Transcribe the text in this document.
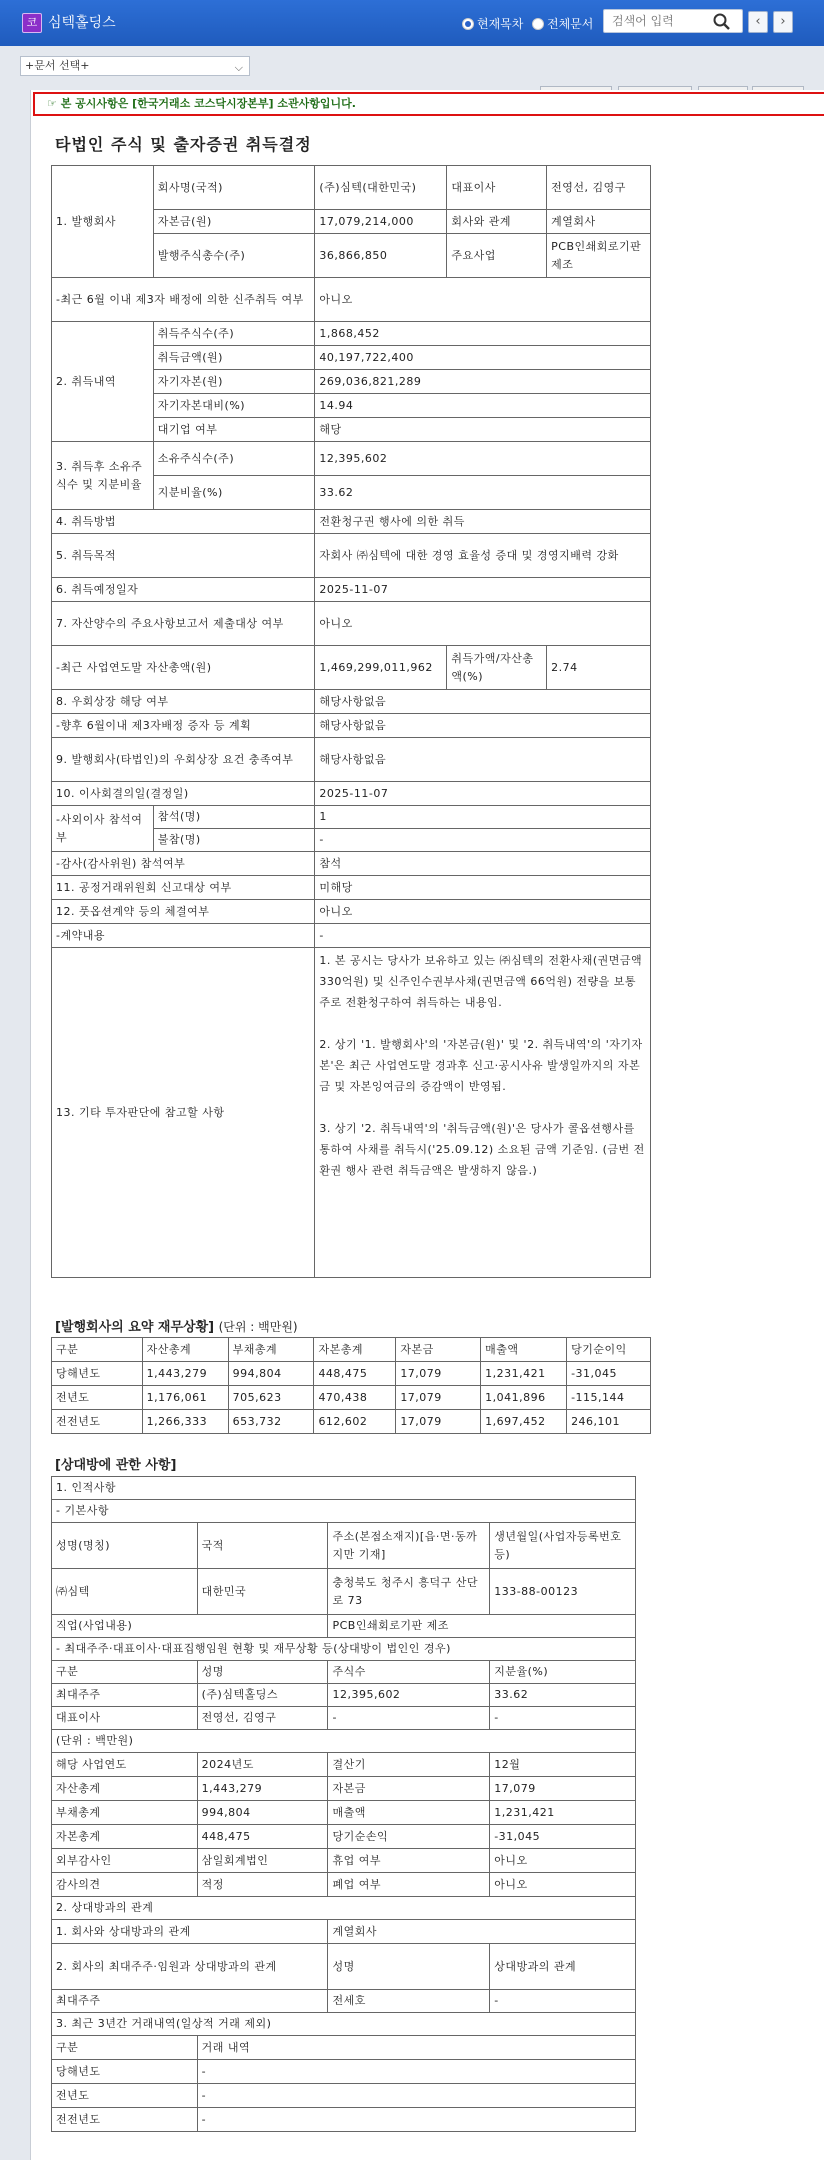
코 심텍홀딩스	현재목차 전체문서
검색어 입력	‹	›
+문서 선택+	⌵
☞ 본 공시사항은 [한국거래소 코스닥시장본부] 소관사항입니다.
타법인 주식 및 출자증권 취득결정
1. 발행회사	회사명(국적)	(주)심텍(대한민국)	대표이사	전영선, 김영구
	자본금(원)	17,079,214,000	회사와 관계	계열회사
	발행주식총수(주)	36,866,850	주요사업	PCB인쇄회로기판 제조
-최근 6월 이내 제3자 배정에 의한 신주취득 여부		아니오		
2. 취득내역	취득주식수(주)	1,868,452		
	취득금액(원)	40,197,722,400		
	자기자본(원)	269,036,821,289		
	자기자본대비(%)	14.94		
	대기업 여부	해당		
3. 취득후 소유주식수 및 지분비율	소유주식수(주)	12,395,602		
	지분비율(%)	33.62		
4. 취득방법		전환청구권 행사에 의한 취득		
5. 취득목적		자회사 ㈜심텍에 대한 경영 효율성 증대 및 경영지배력 강화		
6. 취득예정일자		2025-11-07		
7. 자산양수의 주요사항보고서 제출대상 여부		아니오		
-최근 사업연도말 자산총액(원)		1,469,299,011,962	취득가액/자산총액(%)	2.74
8. 우회상장 해당 여부		해당사항없음		
-향후 6월이내 제3자배정 증자 등 계획		해당사항없음		
9. 발행회사(타법인)의 우회상장 요건 충족여부		해당사항없음		
10. 이사회결의일(결정일)		2025-11-07		
-사외이사 참석여부	참석(명)	1		
	불참(명)	-		
-감사(감사위원) 참석여부		참석		
11. 공정거래위원회 신고대상 여부		미해당		
12. 풋옵션계약 등의 체결여부		아니오		
-계약내용		-		
13. 기타 투자판단에 참고할 사항		1. 본 공시는 당사가 보유하고 있는 ㈜심텍의 전환사채(권면금액 330억원) 및 신주인수권부사채(권면금액 66억원) 전량을 보통주로 전환청구하여 취득하는 내용임.

2. 상기 '1. 발행회사'의 '자본금(원)' 및 '2. 취득내역'의 '자기자본'은 최근 사업연도말 경과후 신고·공시사유 발생일까지의 자본금 및 자본잉여금의 증감액이 반영됨.

3. 상기 '2. 취득내역'의 '취득금액(원)'은 당사가 콜옵션행사를 통하여 사채를 취득시('25.09.12) 소요된 금액 기준임. (금번 전환권 행사 관련 취득금액은 발생하지 않음.)		
[발행회사의 요약 재무상황] (단위 : 백만원)
구분	자산총계	부채총계	자본총계	자본금	매출액	당기순이익
당해년도	1,443,279	994,804	448,475	17,079	1,231,421	-31,045
전년도	1,176,061	705,623	470,438	17,079	1,041,896	-115,144
전전년도	1,266,333	653,732	612,602	17,079	1,697,452	246,101
[상대방에 관한 사항]
1. 인적사항			
- 기본사항			
성명(명칭)	국적	주소(본점소재지)[읍·면·동까지만 기재]	생년월일(사업자등록번호 등)
㈜심텍	대한민국	충청북도 청주시 흥덕구 산단로 73	133-88-00123
직업(사업내용)		PCB인쇄회로기판 제조	
- 최대주주·대표이사·대표집행임원 현황 및 재무상황 등(상대방이 법인인 경우)			
구분	성명	주식수	지분율(%)
최대주주	(주)심텍홀딩스	12,395,602	33.62
대표이사	전영선, 김영구	-	-
(단위 : 백만원)			
해당 사업연도	2024년도	결산기	12월
자산총계	1,443,279	자본금	17,079
부채총계	994,804	매출액	1,231,421
자본총계	448,475	당기순손익	-31,045
외부감사인	삼일회계법인	휴업 여부	아니오
감사의견	적정	폐업 여부	아니오
2. 상대방과의 관계			
1. 회사와 상대방과의 관계		계열회사	
2. 회사의 최대주주·임원과 상대방과의 관계		성명	상대방과의 관계
최대주주		전세호	-
3. 최근 3년간 거래내역(일상적 거래 제외)			
구분	거래 내역		
당해년도	-		
전년도	-		
전전년도	-		
